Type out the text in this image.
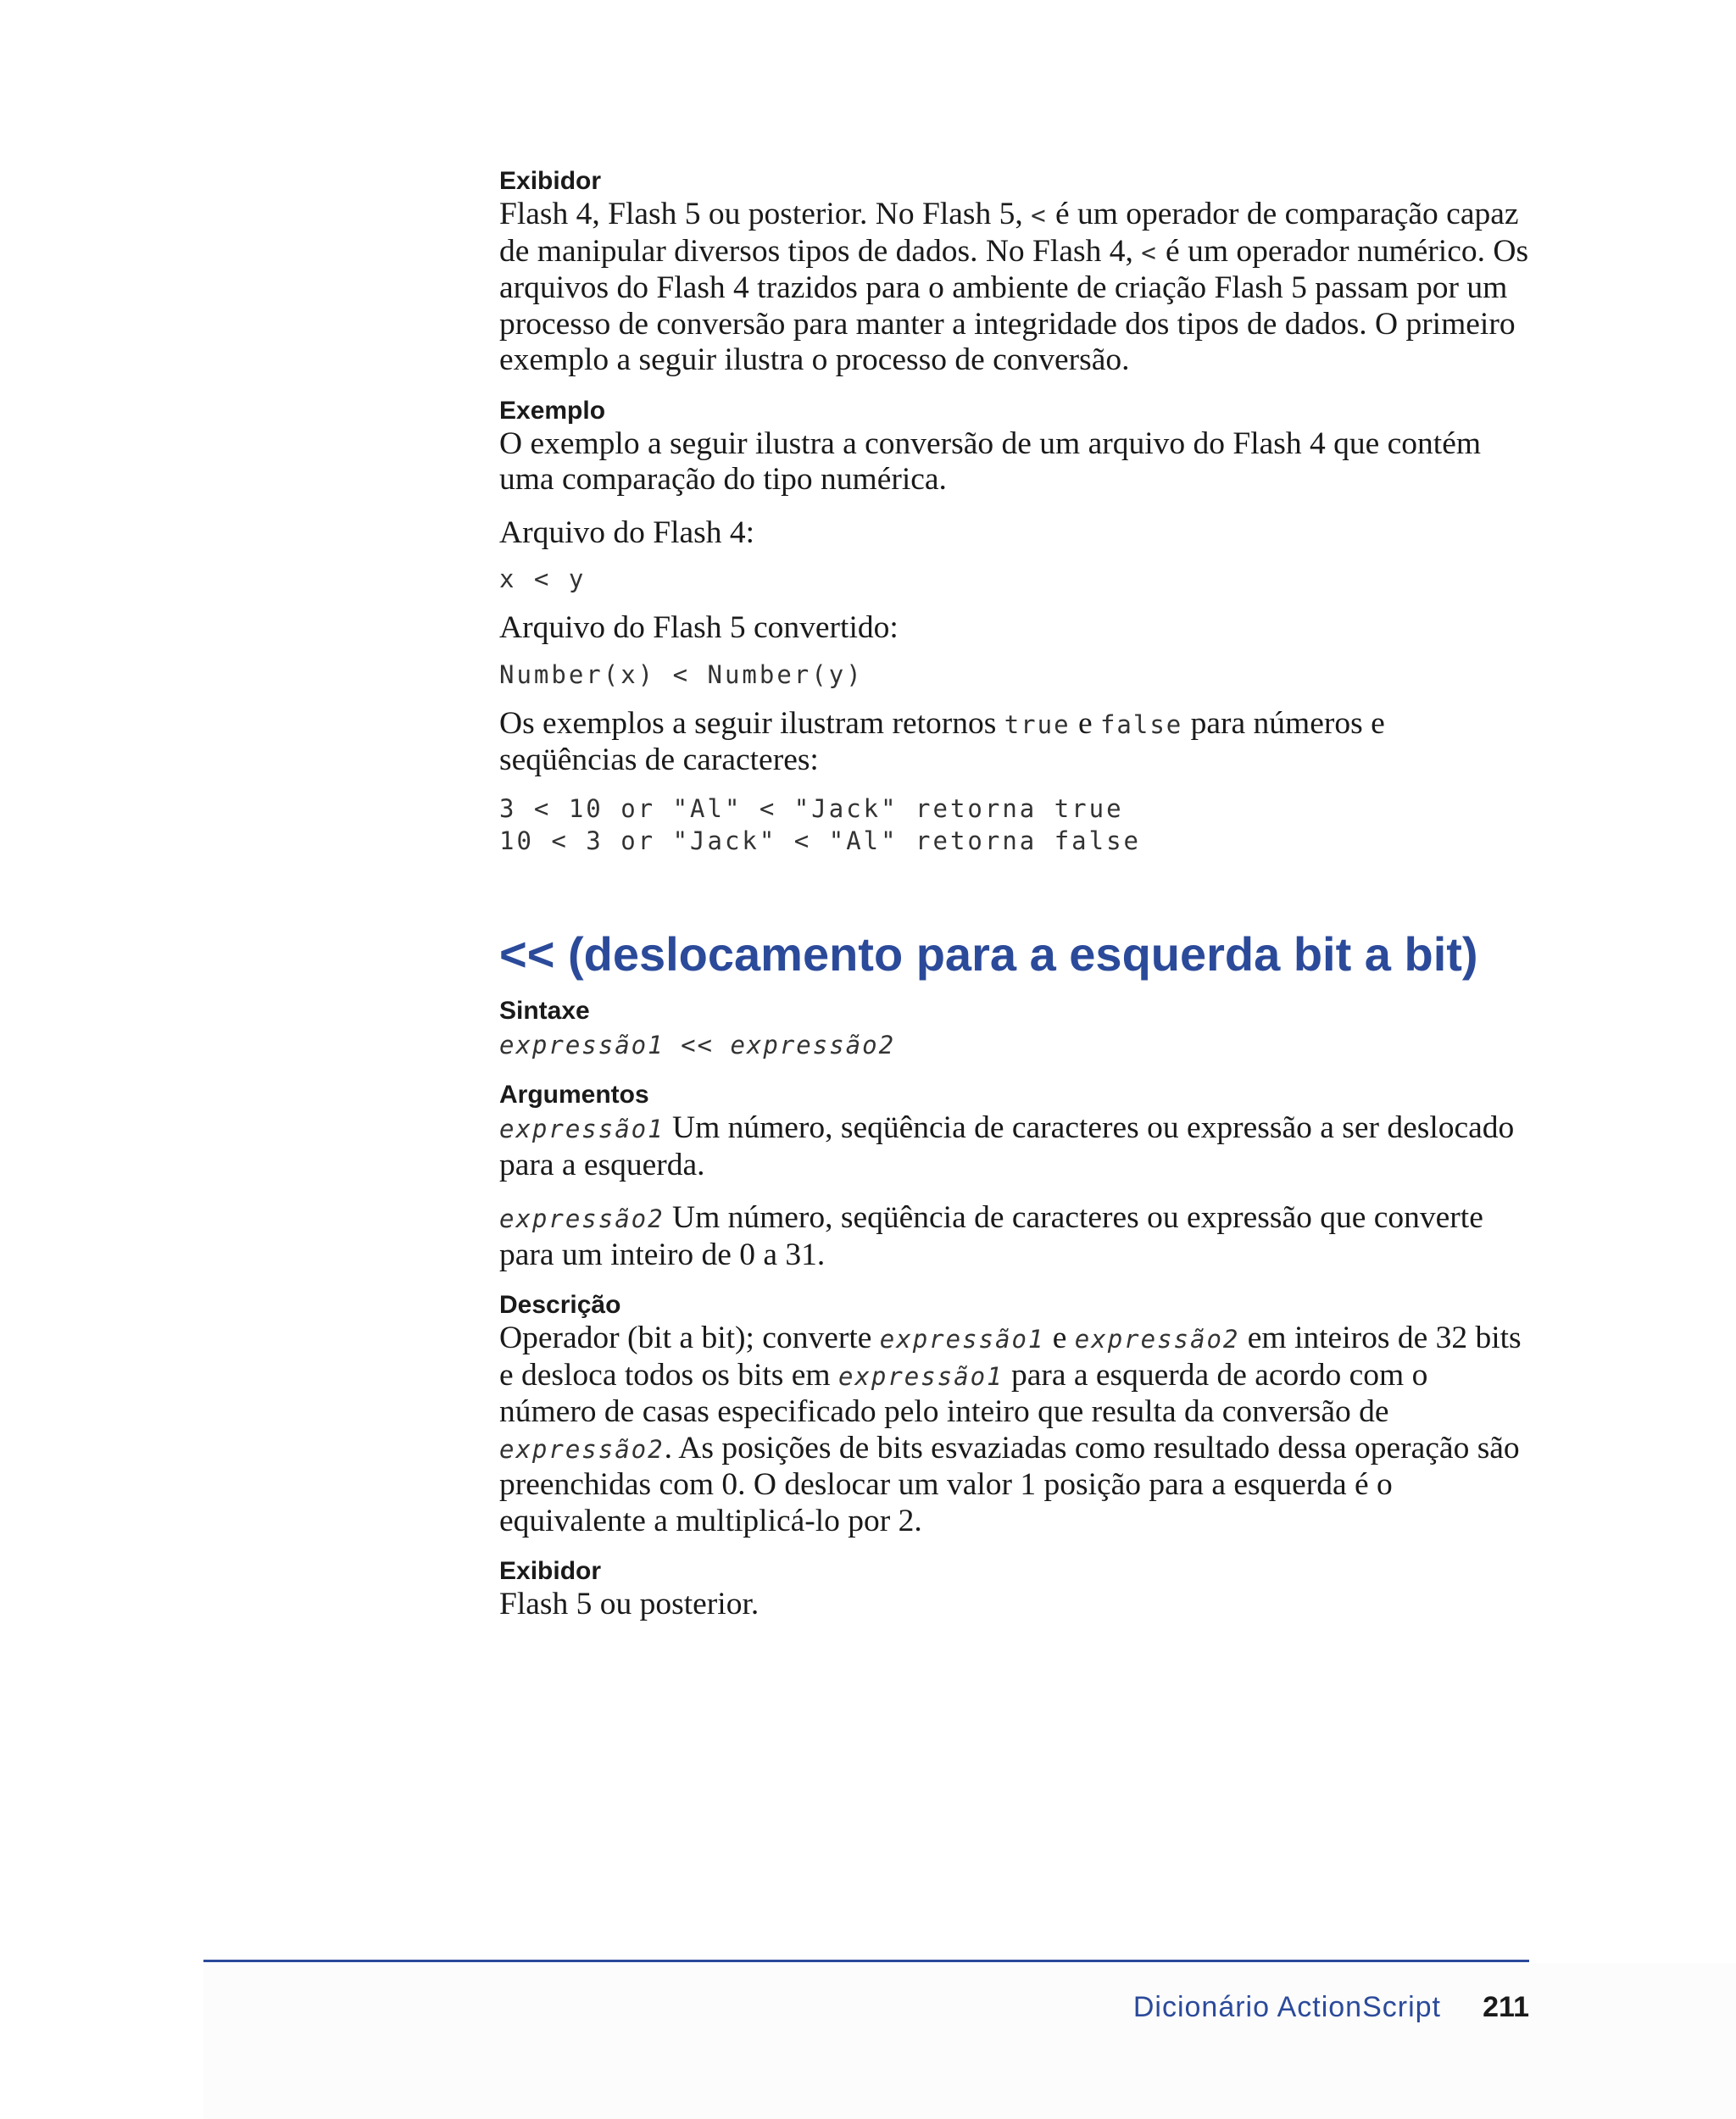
Exibidor

Flash 4, Flash 5 ou posterior. No Flash 5, < é um operador de comparação capaz de manipular diversos tipos de dados. No Flash 4, < é um operador numérico. Os arquivos do Flash 4 trazidos para o ambiente de criação Flash 5 passam por um processo de conversão para manter a integridade dos tipos de dados. O primeiro exemplo a seguir ilustra o processo de conversão.

Exemplo

O exemplo a seguir ilustra a conversão de um arquivo do Flash 4 que contém uma comparação do tipo numérica.

Arquivo do Flash 4:

x < y

Arquivo do Flash 5 convertido:

Number(x) < Number(y)

Os exemplos a seguir ilustram retornos true e false para números e seqüências de caracteres:

3 < 10 or "Al" < "Jack" retorna true
10 < 3 or "Jack" < "Al" retorna false
<< (deslocamento para a esquerda bit a bit)
Sintaxe
expressão1 << expressão2
Argumentos

expressão1 Um número, seqüência de caracteres ou expressão a ser deslocado para a esquerda.

expressão2 Um número, seqüência de caracteres ou expressão que converte para um inteiro de 0 a 31.

Descrição

Operador (bit a bit); converte expressão1 e expressão2 em inteiros de 32 bits e desloca todos os bits em expressão1 para a esquerda de acordo com o número de casas especificado pelo inteiro que resulta da conversão de expressão2. As posições de bits esvaziadas como resultado dessa operação são preenchidas com 0. O deslocar um valor 1 posição para a esquerda é o equivalente a multiplicá-lo por 2.

Exibidor

Flash 5 ou posterior.

Dicionário ActionScript 211
